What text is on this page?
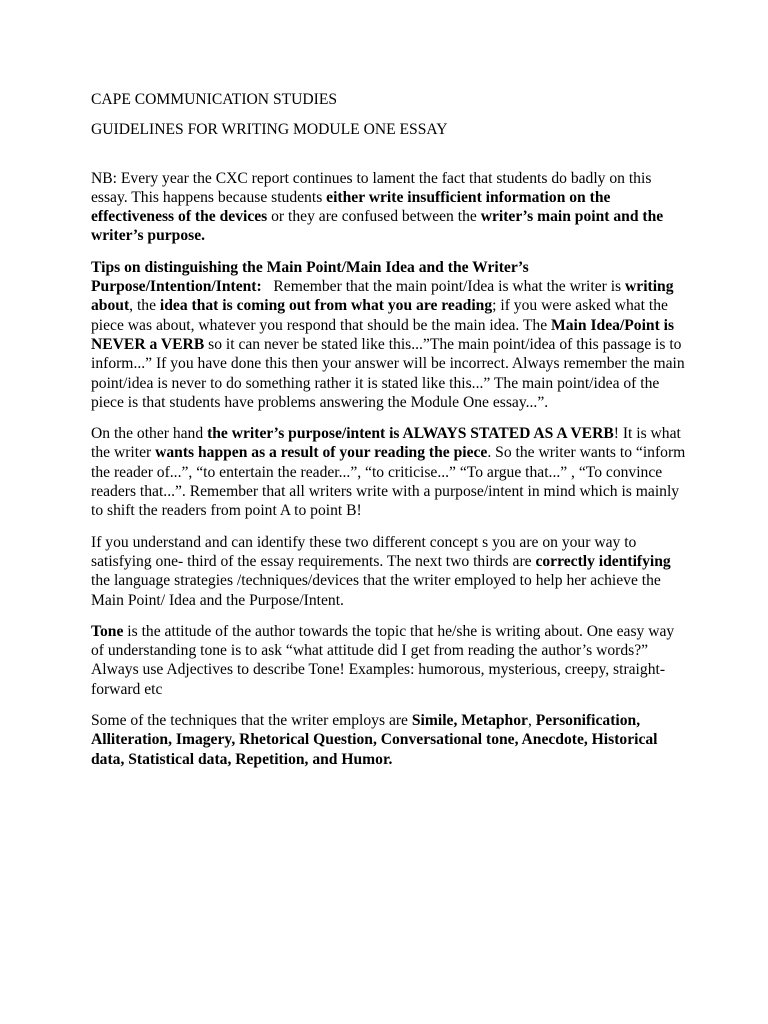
CAPE COMMUNICATION STUDIES
GUIDELINES FOR WRITING MODULE ONE ESSAY

NB: Every year the CXC report continues to lament the fact that students do badly on this essay. This happens because students either write insufficient information on the effectiveness of the devices or they are confused between the writer’s main point and the writer’s purpose.

Tips on distinguishing the Main Point/Main Idea and the Writer’s Purpose/Intention/Intent:   Remember that the main point/Idea is what the writer is writing about, the idea that is coming out from what you are reading; if you were asked what the piece was about, whatever you respond that should be the main idea. The Main Idea/Point is NEVER a VERB so it can never be stated like this...”The main point/idea of this passage is to inform...” If you have done this then your answer will be incorrect. Always remember the main point/idea is never to do something rather it is stated like this...” The main point/idea of the piece is that students have problems answering the Module One essay...”.

On the other hand the writer’s purpose/intent is ALWAYS STATED AS A VERB! It is what the writer wants happen as a result of your reading the piece. So the writer wants to “inform the reader of...”, “to entertain the reader...”, “to criticise...” “To argue that...” , “To convince readers that...”. Remember that all writers write with a purpose/intent in mind which is mainly to shift the readers from point A to point B!

If you understand and can identify these two different concept s you are on your way to satisfying one- third of the essay requirements. The next two thirds are correctly identifying the language strategies /techniques/devices that the writer employed to help her achieve the Main Point/ Idea and the Purpose/Intent.

Tone is the attitude of the author towards the topic that he/she is writing about. One easy way of understanding tone is to ask “what attitude did I get from reading the author’s words?” Always use Adjectives to describe Tone! Examples: humorous, mysterious, creepy, straight-forward etc

Some of the techniques that the writer employs are Simile, Metaphor, Personification, Alliteration, Imagery, Rhetorical Question, Conversational tone, Anecdote, Historical data, Statistical data, Repetition, and Humor.
